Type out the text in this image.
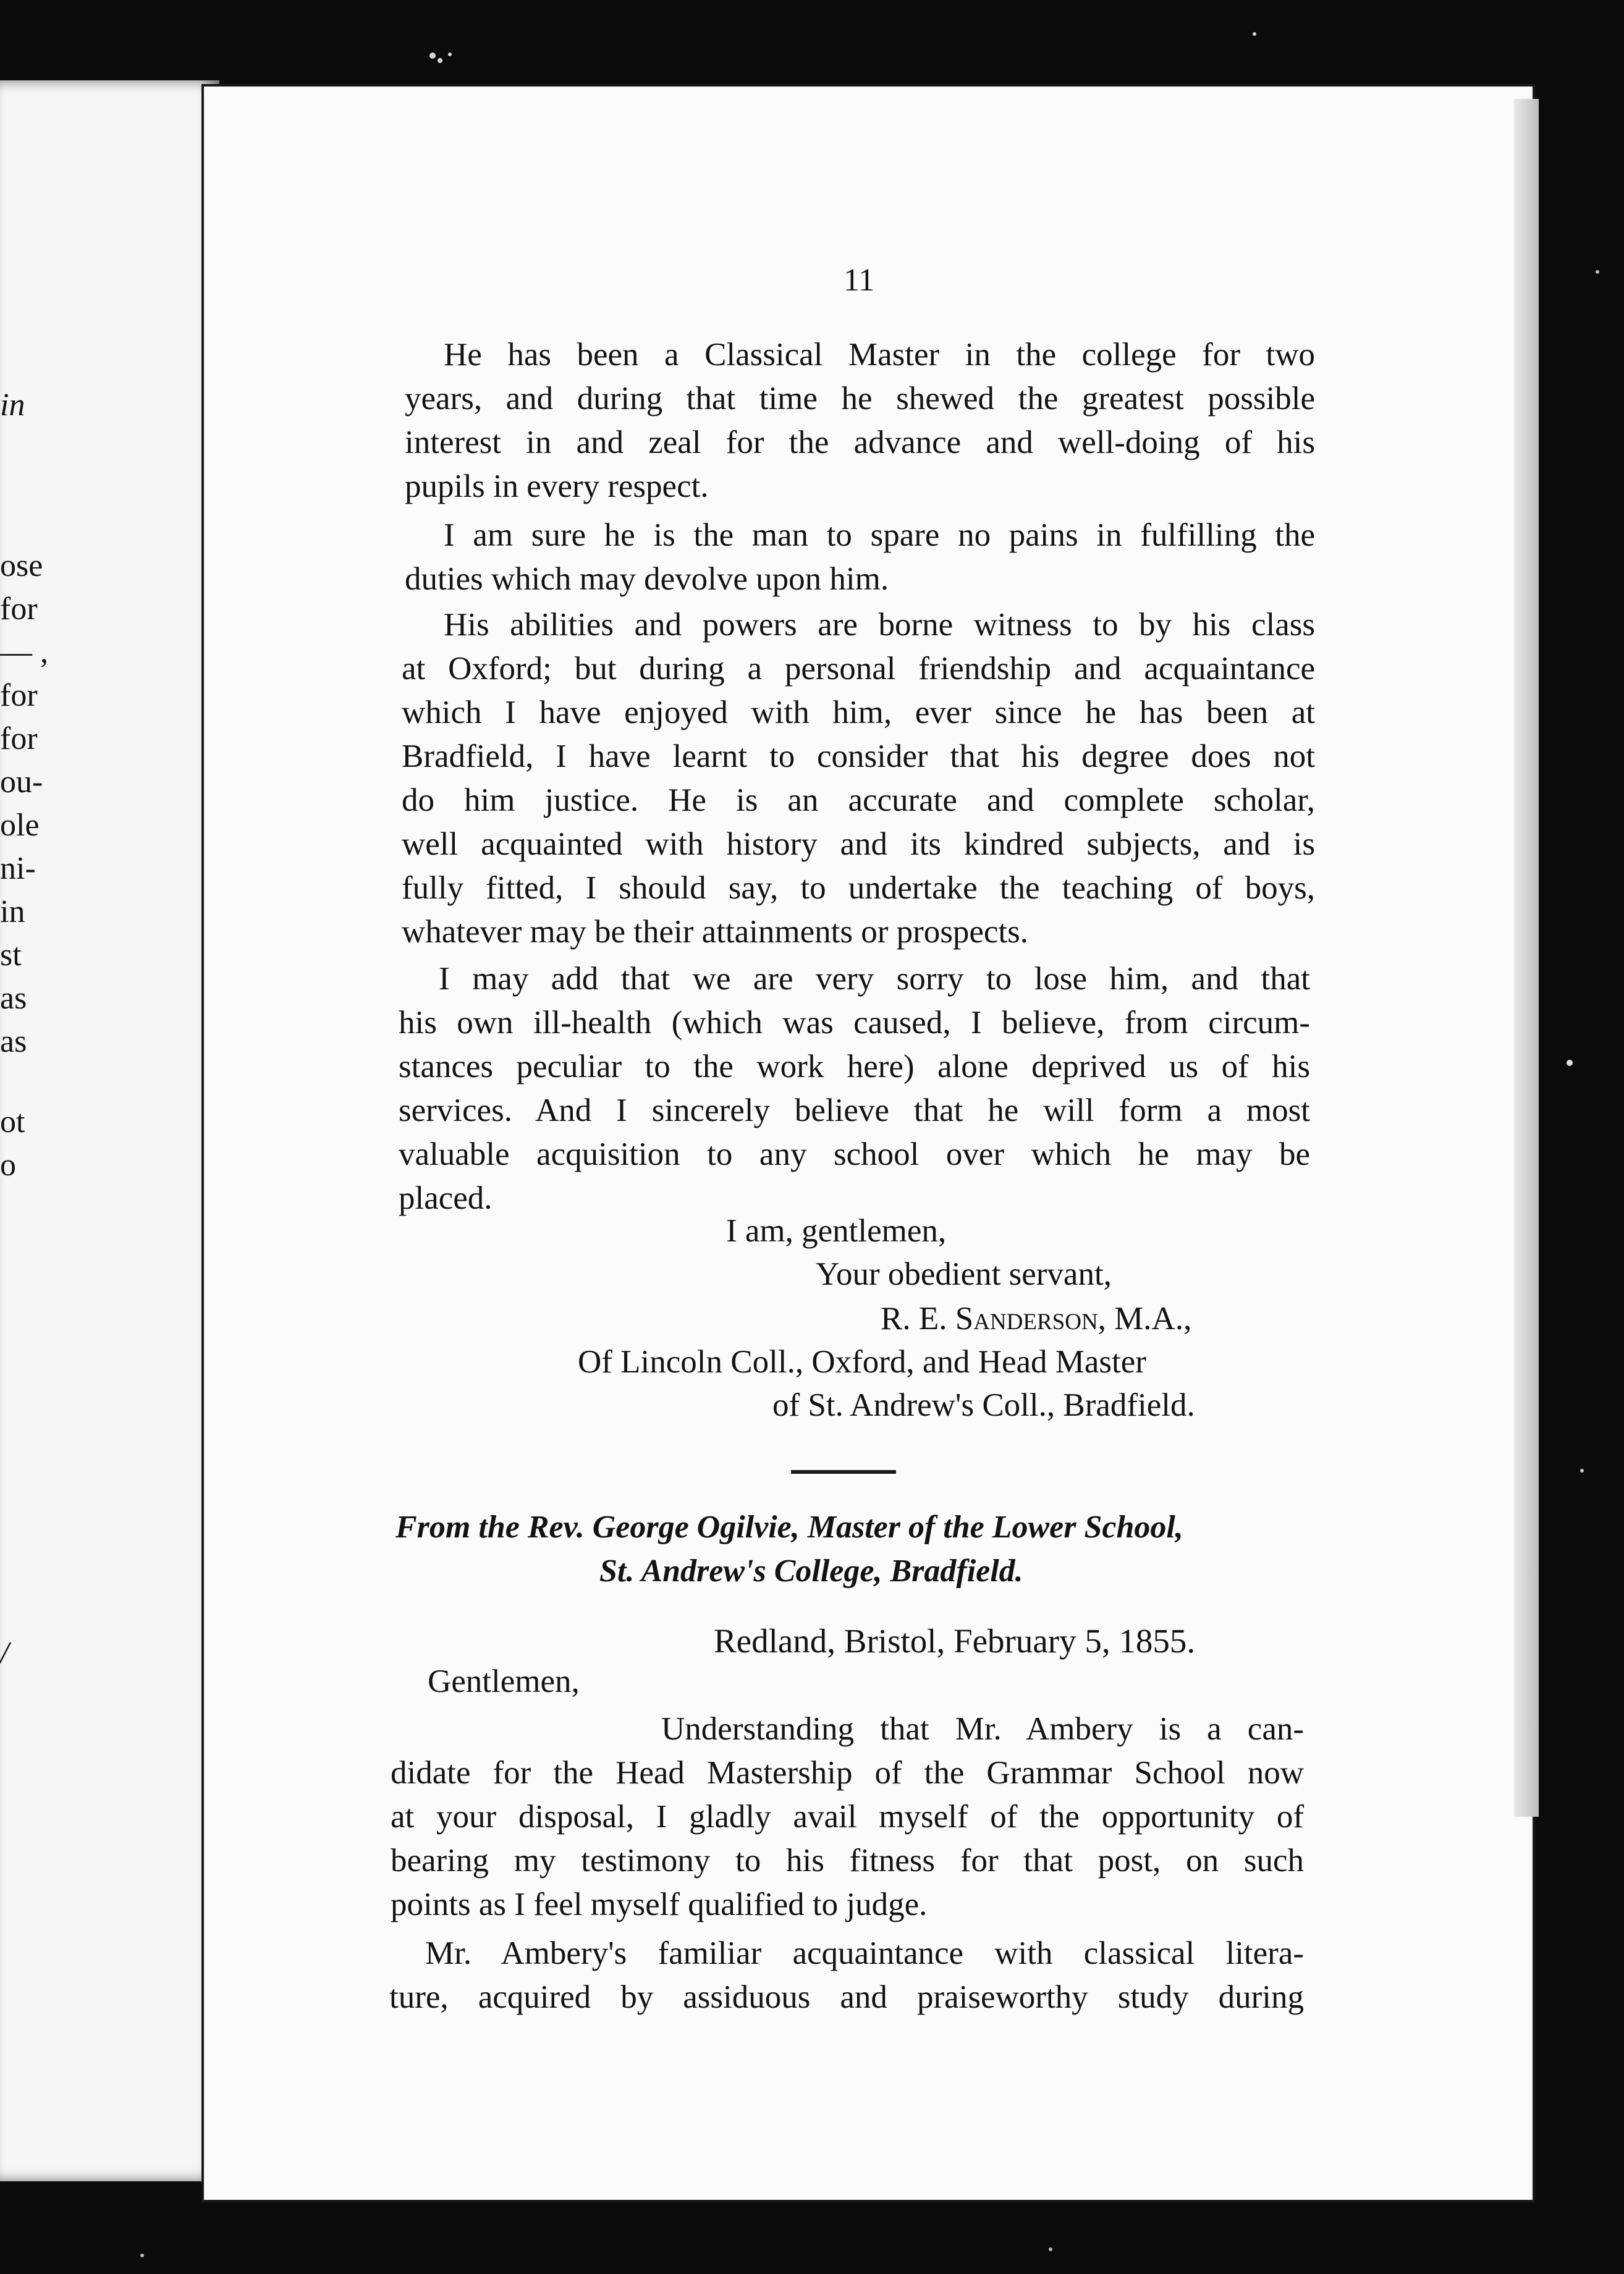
in
ose
for
— ,
for
for
ou-
ole
ni-
in
st
as
as
ot
o
/
11
He has been a Classical Master in the college for two
years, and during that time he shewed the greatest possible
interest in and zeal for the advance and well-doing of his
pupils in every respect.
I am sure he is the man to spare no pains in fulfilling the
duties which may devolve upon him.
His abilities and powers are borne witness to by his class
at Oxford; but during a personal friendship and acquaintance
which I have enjoyed with him, ever since he has been at
Bradfield, I have learnt to consider that his degree does not
do him justice. He is an accurate and complete scholar,
well acquainted with history and its kindred subjects, and is
fully fitted, I should say, to undertake the teaching of boys,
whatever may be their attainments or prospects.
I may add that we are very sorry to lose him, and that
his own ill-health (which was caused, I believe, from circum-
stances peculiar to the work here) alone deprived us of his
services. And I sincerely believe that he will form a most
valuable acquisition to any school over which he may be
placed.
I am, gentlemen,
Your obedient servant,
R. E. Sanderson, M.A.,
Of Lincoln Coll., Oxford, and Head Master
of St. Andrew's Coll., Bradfield.
From the Rev. George Ogilvie, Master of the Lower School,
St. Andrew's College, Bradfield.
Redland, Bristol, February 5, 1855.
Gentlemen,
Understanding that Mr. Ambery is a can-
didate for the Head Mastership of the Grammar School now
at your disposal, I gladly avail myself of the opportunity of
bearing my testimony to his fitness for that post, on such
points as I feel myself qualified to judge.
Mr. Ambery's familiar acquaintance with classical litera-
ture, acquired by assiduous and praiseworthy study during
